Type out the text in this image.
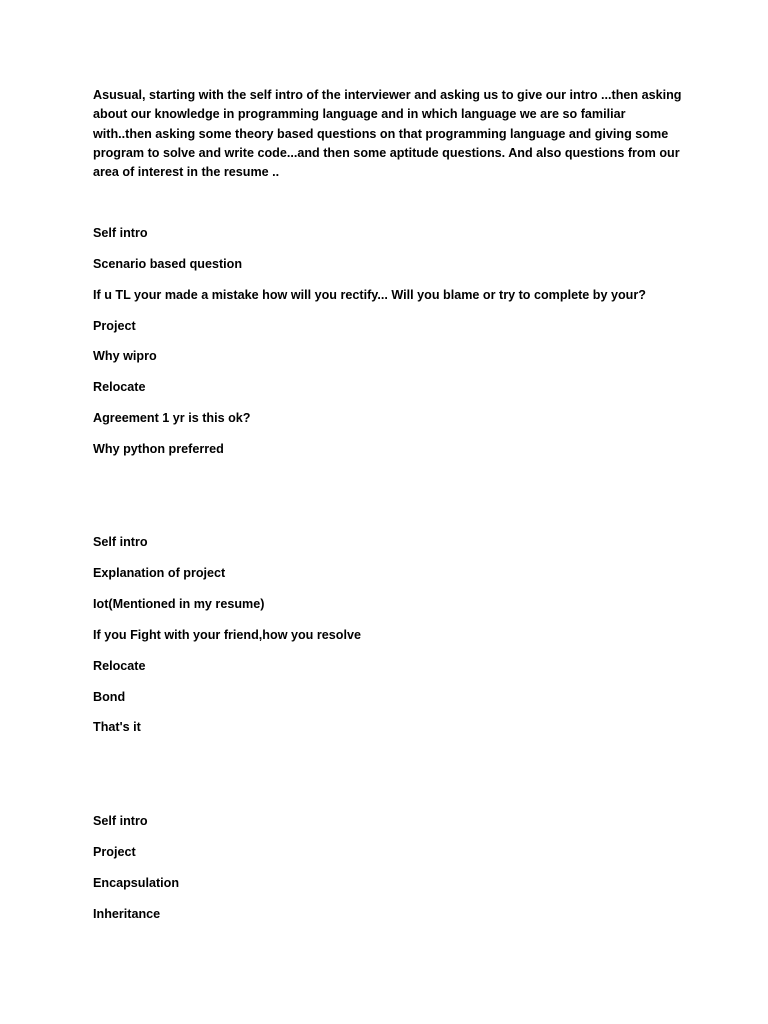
Asusual, starting with the self intro of the interviewer and asking us to give our intro ...then asking about our knowledge in programming language and in which language we are so familiar with..then asking some theory based questions on that programming language and giving some program to solve and write code...and then some aptitude questions. And also questions from our area of interest in the resume ..

Self intro

Scenario based question

If u TL your made a mistake how will you rectify... Will you blame or try to complete by your?

Project

Why wipro

Relocate

Agreement 1 yr is this ok?

Why python preferred

Self intro

Explanation of project

Iot(Mentioned in my resume)

If you Fight with your friend,how you resolve

Relocate

Bond

That's it

Self intro

Project

Encapsulation

Inheritance
